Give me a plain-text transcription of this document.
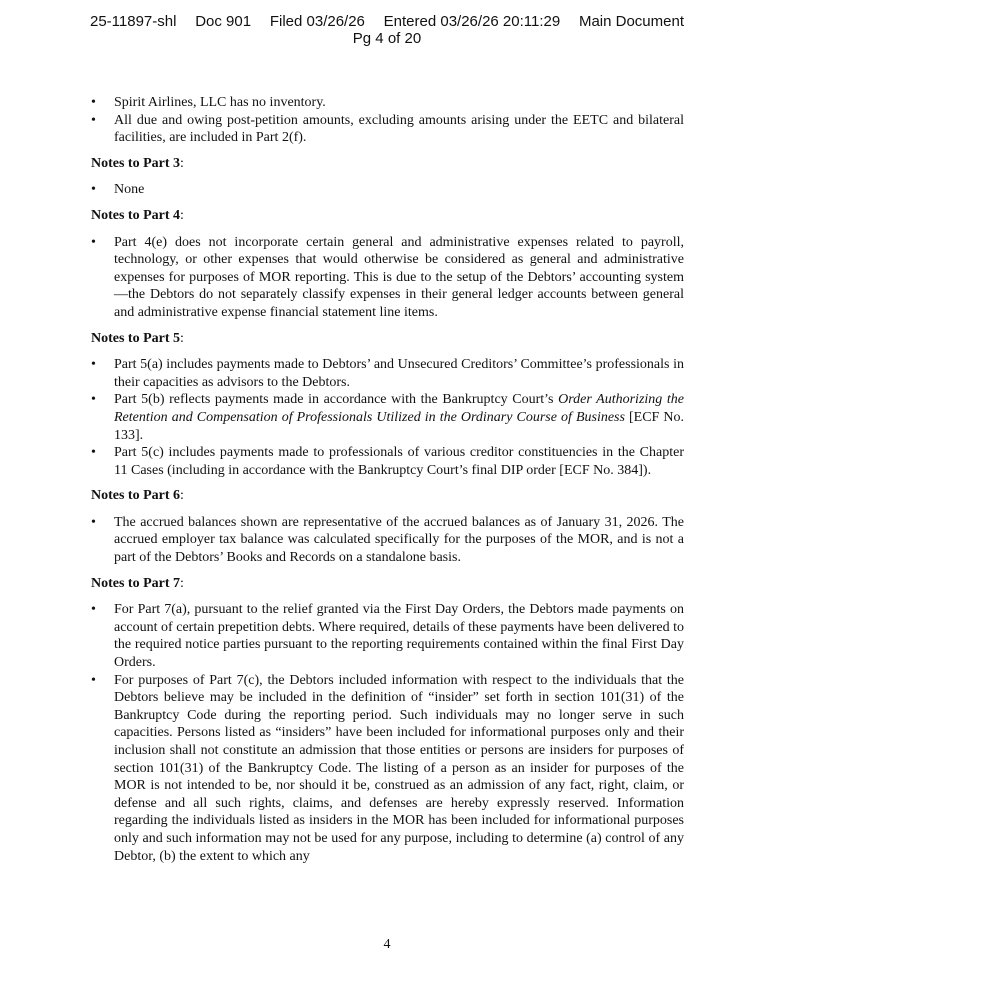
25-11897-shl Doc 901 Filed 03/26/26 Entered 03/26/26 20:11:29 Main Document
Pg 4 of 20
• Spirit Airlines, LLC has no inventory.
• All due and owing post-petition amounts, excluding amounts arising under the EETC and bilateral facilities, are included in Part 2(f).
Notes to Part 3:
• None
Notes to Part 4:
• Part 4(e) does not incorporate certain general and administrative expenses related to payroll, technology, or other expenses that would otherwise be considered as general and administrative expenses for purposes of MOR reporting. This is due to the setup of the Debtors’ accounting system—the Debtors do not separately classify expenses in their general ledger accounts between general and administrative expense financial statement line items.
Notes to Part 5:
• Part 5(a) includes payments made to Debtors’ and Unsecured Creditors’ Committee’s professionals in their capacities as advisors to the Debtors.
• Part 5(b) reflects payments made in accordance with the Bankruptcy Court’s Order Authorizing the Retention and Compensation of Professionals Utilized in the Ordinary Course of Business [ECF No. 133].
• Part 5(c) includes payments made to professionals of various creditor constituencies in the Chapter 11 Cases (including in accordance with the Bankruptcy Court’s final DIP order [ECF No. 384]).
Notes to Part 6:
• The accrued balances shown are representative of the accrued balances as of January 31, 2026. The accrued employer tax balance was calculated specifically for the purposes of the MOR, and is not a part of the Debtors’ Books and Records on a standalone basis.
Notes to Part 7:
• For Part 7(a), pursuant to the relief granted via the First Day Orders, the Debtors made payments on account of certain prepetition debts. Where required, details of these payments have been delivered to the required notice parties pursuant to the reporting requirements contained within the final First Day Orders.
• For purposes of Part 7(c), the Debtors included information with respect to the individuals that the Debtors believe may be included in the definition of “insider” set forth in section 101(31) of the Bankruptcy Code during the reporting period. Such individuals may no longer serve in such capacities. Persons listed as “insiders” have been included for informational purposes only and their inclusion shall not constitute an admission that those entities or persons are insiders for purposes of section 101(31) of the Bankruptcy Code. The listing of a person as an insider for purposes of the MOR is not intended to be, nor should it be, construed as an admission of any fact, right, claim, or defense and all such rights, claims, and defenses are hereby expressly reserved. Information regarding the individuals listed as insiders in the MOR has been included for informational purposes only and such information may not be used for any purpose, including to determine (a) control of any Debtor, (b) the extent to which any
4
